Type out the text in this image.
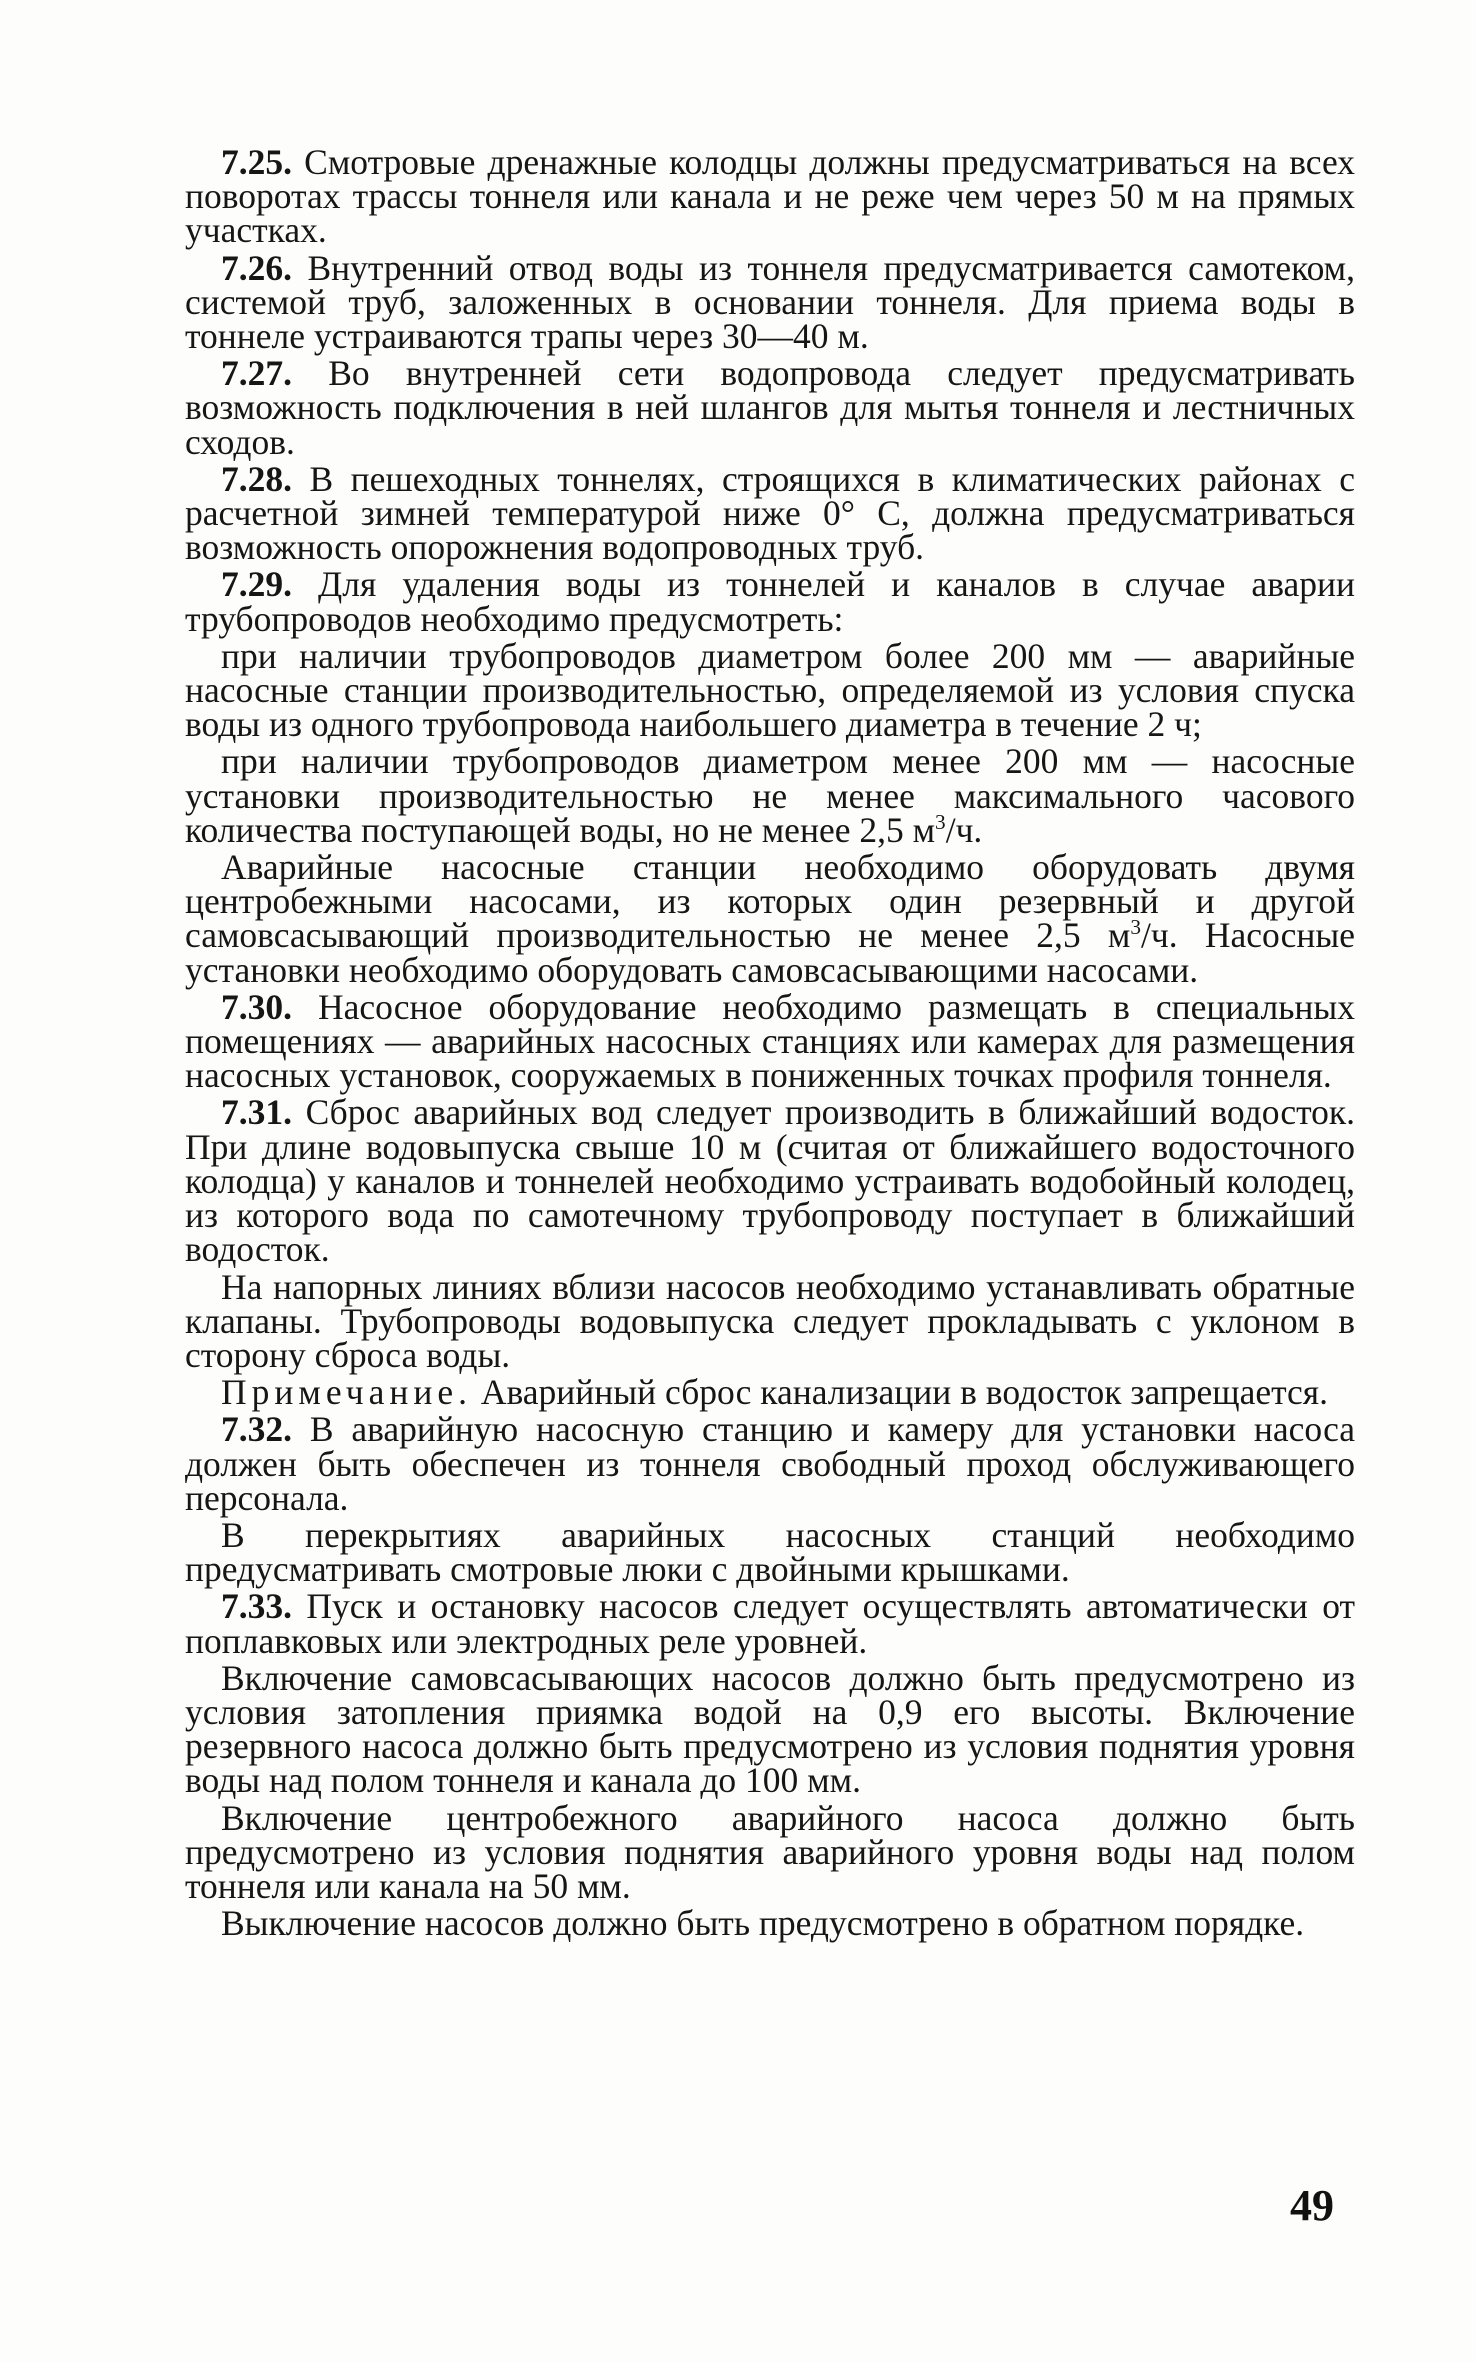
7.25. Смотровые дренажные колодцы должны предусматриваться на всех поворотах трассы тоннеля или канала и не реже чем через 50 м на прямых участках.

7.26. Внутренний отвод воды из тоннеля предусматривается самотеком, системой труб, заложенных в основании тоннеля. Для приема воды в тоннеле устраиваются трапы через 30—40 м.

7.27. Во внутренней сети водопровода следует предусматривать возможность подключения в ней шлангов для мытья тоннеля и лестничных сходов.

7.28. В пешеходных тоннелях, строящихся в климатических районах с расчетной зимней температурой ниже 0° С, должна предусматриваться возможность опорожнения водопроводных труб.

7.29. Для удаления воды из тоннелей и каналов в случае аварии трубопроводов необходимо предусмотреть:

при наличии трубопроводов диаметром более 200 мм — аварийные насосные станции производительностью, определяемой из условия спуска воды из одного трубопровода наибольшего диаметра в течение 2 ч;

при наличии трубопроводов диаметром менее 200 мм — насосные установки производительностью не менее максимального часового количества поступающей воды, но не менее 2,5 $м^3/ч$.

Аварийные насосные станции необходимо оборудовать двумя центробежными насосами, из которых один резервный и другой самовсасывающий производительностью не менее 2,5 $м^3/ч$. Насосные установки необходимо оборудовать самовсасывающими насосами.

7.30. Насосное оборудование необходимо размещать в специальных помещениях — аварийных насосных станциях или камерах для размещения насосных установок, сооружаемых в пониженных точках профиля тоннеля.

7.31. Сброс аварийных вод следует производить в ближайший водосток. При длине водовыпуска свыше 10 м (считая от ближайшего водосточного колодца) у каналов и тоннелей необходимо устраивать водобойный колодец, из которого вода по самотечному трубопроводу поступает в ближайший водосток.

На напорных линиях вблизи насосов необходимо устанавливать обратные клапаны. Трубопроводы водовыпуска следует прокладывать с уклоном в сторону сброса воды.

Примечание. Аварийный сброс канализации в водосток запрещается.

7.32. В аварийную насосную станцию и камеру для установки насоса должен быть обеспечен из тоннеля свободный проход обслуживающего персонала.

В перекрытиях аварийных насосных станций необходимо предусматривать смотровые люки с двойными крышками.

7.33. Пуск и остановку насосов следует осуществлять автоматически от поплавковых или электродных реле уровней.

Включение самовсасывающих насосов должно быть предусмотрено из условия затопления приямка водой на 0,9 его высоты. Включение резервного насоса должно быть предусмотрено из условия поднятия уровня воды над полом тоннеля и канала до 100 мм.

Включение центробежного аварийного насоса должно быть предусмотрено из условия поднятия аварийного уровня воды над полом тоннеля или канала на 50 мм.

Выключение насосов должно быть предусмотрено в обратном порядке.

49
